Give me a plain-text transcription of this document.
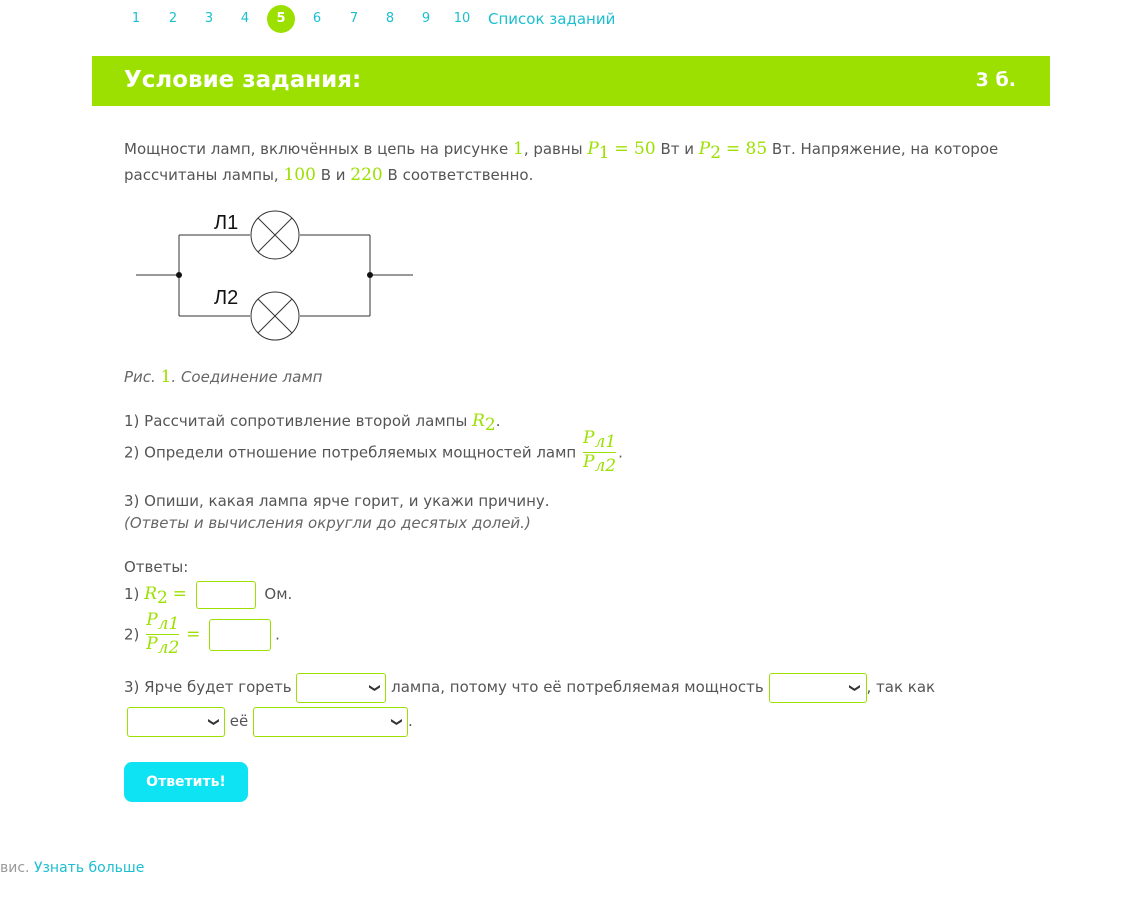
1	2	3	4	5	6	7	8	9	10	Список заданий
Условие задания:	3 б.
Мощности ламп, включённых в цепь на рисунке 1, равны $P_1 = 50$ Вт и $P_2 = 85$ Вт. Напряжение, на которое рассчитаны лампы, 100 В и 220 В соответственно.
Л1
Л2
Рис. 1. Соединение ламп
1) Рассчитай сопротивление второй лампы $R_2$.
2) Определи отношение потребляемых мощностей ламп $\frac{P_{л1}}{P_{л2}}$ .
3) Опиши, какая лампа ярче горит, и укажи причину.
(Ответы и вычисления округли до десятых долей.)
Ответы:
1) $R_2$ =	Ом.
$2) \frac{P_{л1}}{P_{л2}}$ =	.
3) Ярче будет гореть	❯ лампа, потому что её потребляемая мощность	❯ , так как
❯ её	❯ .
Ответить!
вис. Узнать больше
